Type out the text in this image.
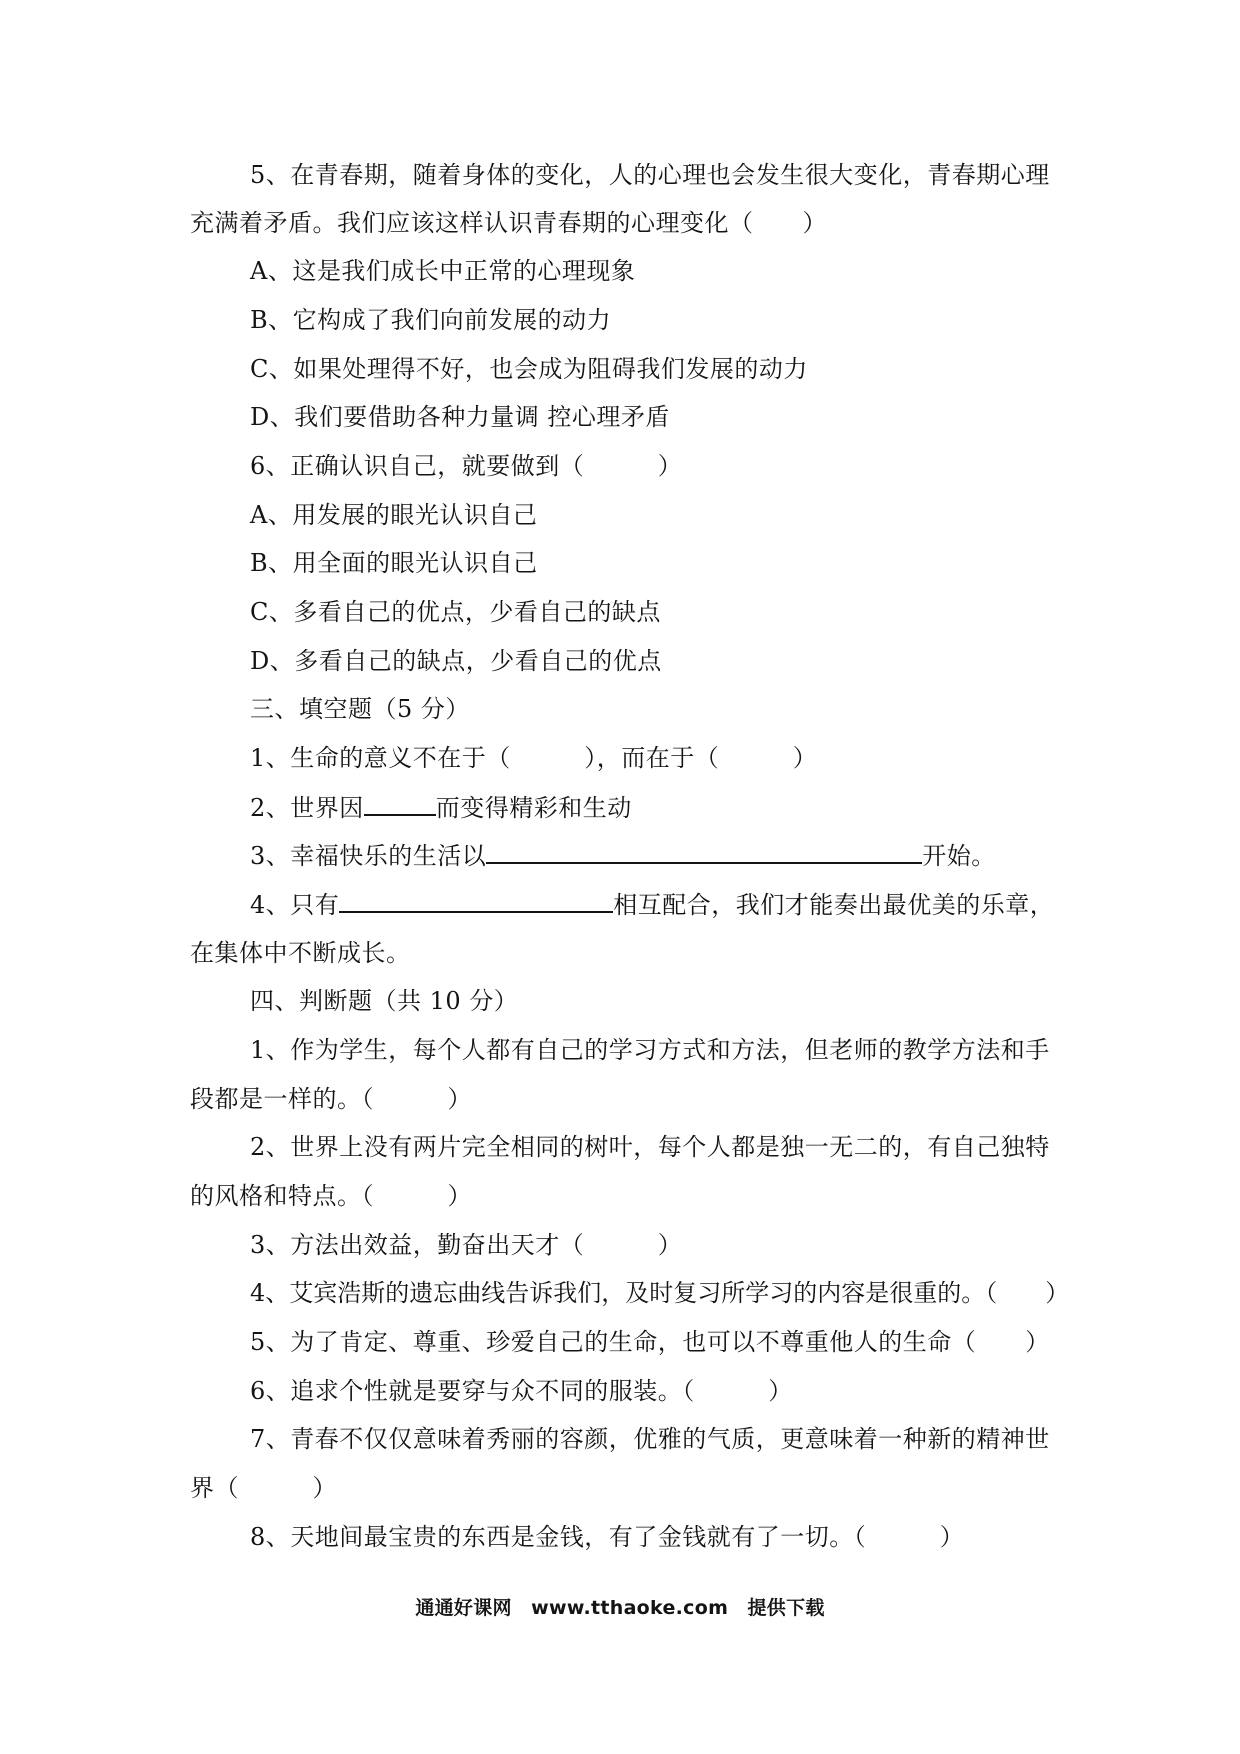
5、在青春期，随着身体的变化，人的心理也会发生很大变化，青春期心理
充满着矛盾。我们应该这样认识青春期的心理变化（　　）
A、这是我们成长中正常的心理现象
B、它构成了我们向前发展的动力
C、如果处理得不好，也会成为阻碍我们发展的动力
D、我们要借助各种力量调 控心理矛盾
6、正确认识自己，就要做到（　　　）
A、用发展的眼光认识自己
B、用全面的眼光认识自己
C、多看自己的优点，少看自己的缺点
D、多看自己的缺点，少看自己的优点
三、填空题（5 分）
1、生命的意义不在于（　　　），而在于（　　　）
2、世界因	而变得精彩和生动
3、幸福快乐的生活以	开始。
4、只有	相互配合，我们才能奏出最优美的乐章，
在集体中不断成长。
四、判断题（共 10 分）
1、作为学生，每个人都有自己的学习方式和方法，但老师的教学方法和手
段都是一样的。（　　　）
2、世界上没有两片完全相同的树叶，每个人都是独一无二的，有自己独特
的风格和特点。（　　　）
3、方法出效益，勤奋出天才（　　　）
4、艾宾浩斯的遗忘曲线告诉我们，及时复习所学习的内容是很重的。（　　）
5、为了肯定、尊重、珍爱自己的生命，也可以不尊重他人的生命（　　）
6、追求个性就是要穿与众不同的服装。（　　　）
7、青春不仅仅意味着秀丽的容颜，优雅的气质，更意味着一种新的精神世
界（　　　）
8、天地间最宝贵的东西是金钱，有了金钱就有了一切。（　　　）
通通好课网　www.tthaoke.com　提供下载
